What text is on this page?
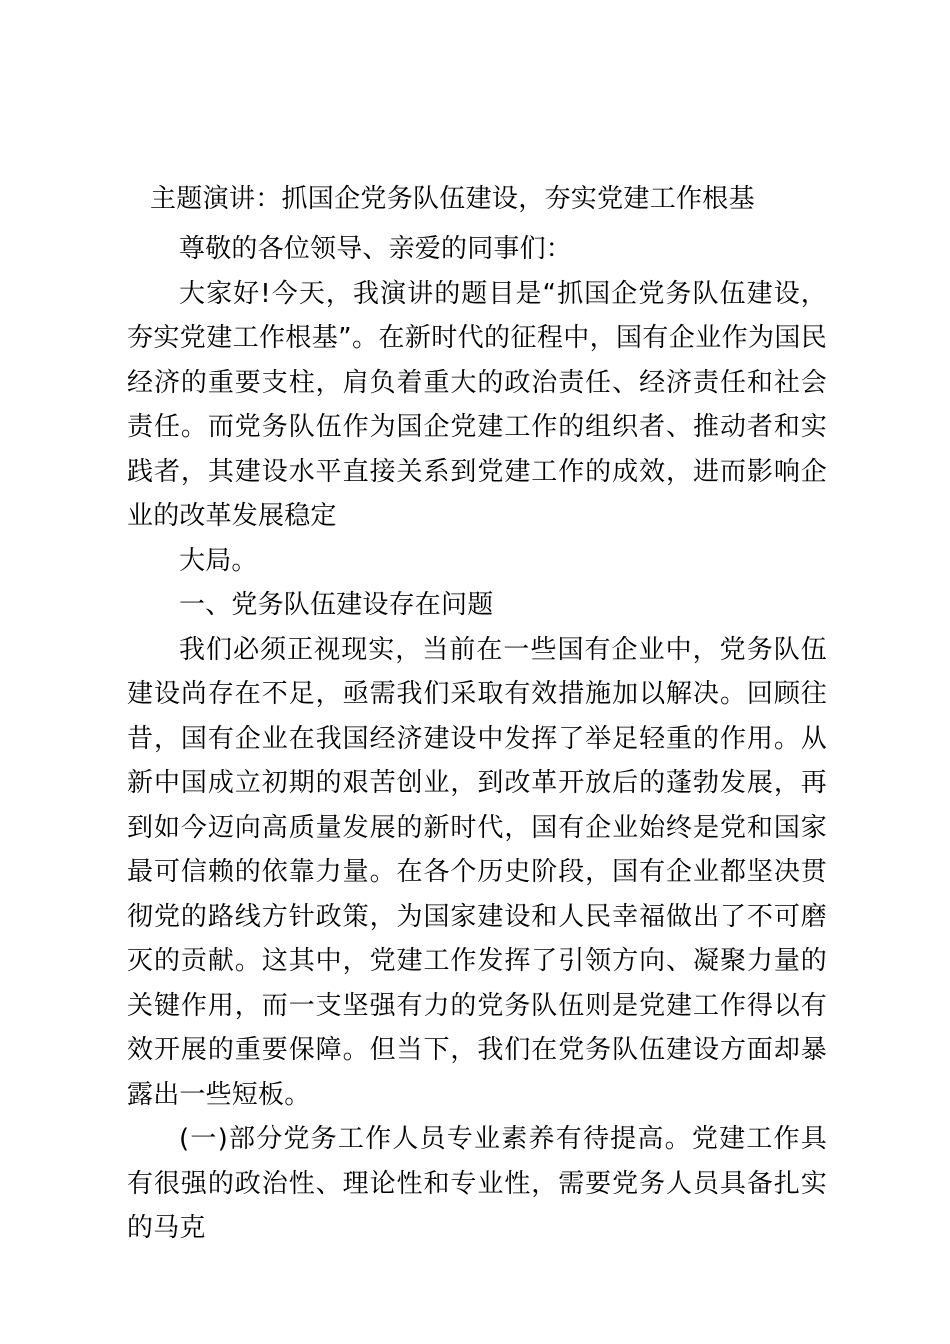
主题演讲：抓国企党务队伍建设，夯实党建工作根基

尊敬的各位领导、亲爱的同事们：

大家好!今天，我演讲的题目是“抓国企党务队伍建设，夯实党建工作根基”。在新时代的征程中，国有企业作为国民经济的重要支柱，肩负着重大的政治责任、经济责任和社会责任。而党务队伍作为国企党建工作的组织者、推动者和实践者，其建设水平直接关系到党建工作的成效，进而影响企业的改革发展稳定

大局。

一、党务队伍建设存在问题

我们必须正视现实，当前在一些国有企业中，党务队伍建设尚存在不足，亟需我们采取有效措施加以解决。回顾往昔，国有企业在我国经济建设中发挥了举足轻重的作用。从新中国成立初期的艰苦创业，到改革开放后的蓬勃发展，再到如今迈向高质量发展的新时代，国有企业始终是党和国家最可信赖的依靠力量。在各个历史阶段，国有企业都坚决贯彻党的路线方针政策，为国家建设和人民幸福做出了不可磨灭的贡献。这其中，党建工作发挥了引领方向、凝聚力量的关键作用，而一支坚强有力的党务队伍则是党建工作得以有效开展的重要保障。但当下，我们在党务队伍建设方面却暴露出一些短板。

(一)部分党务工作人员专业素养有待提高。党建工作具有很强的政治性、理论性和专业性，需要党务人员具备扎实的马克
